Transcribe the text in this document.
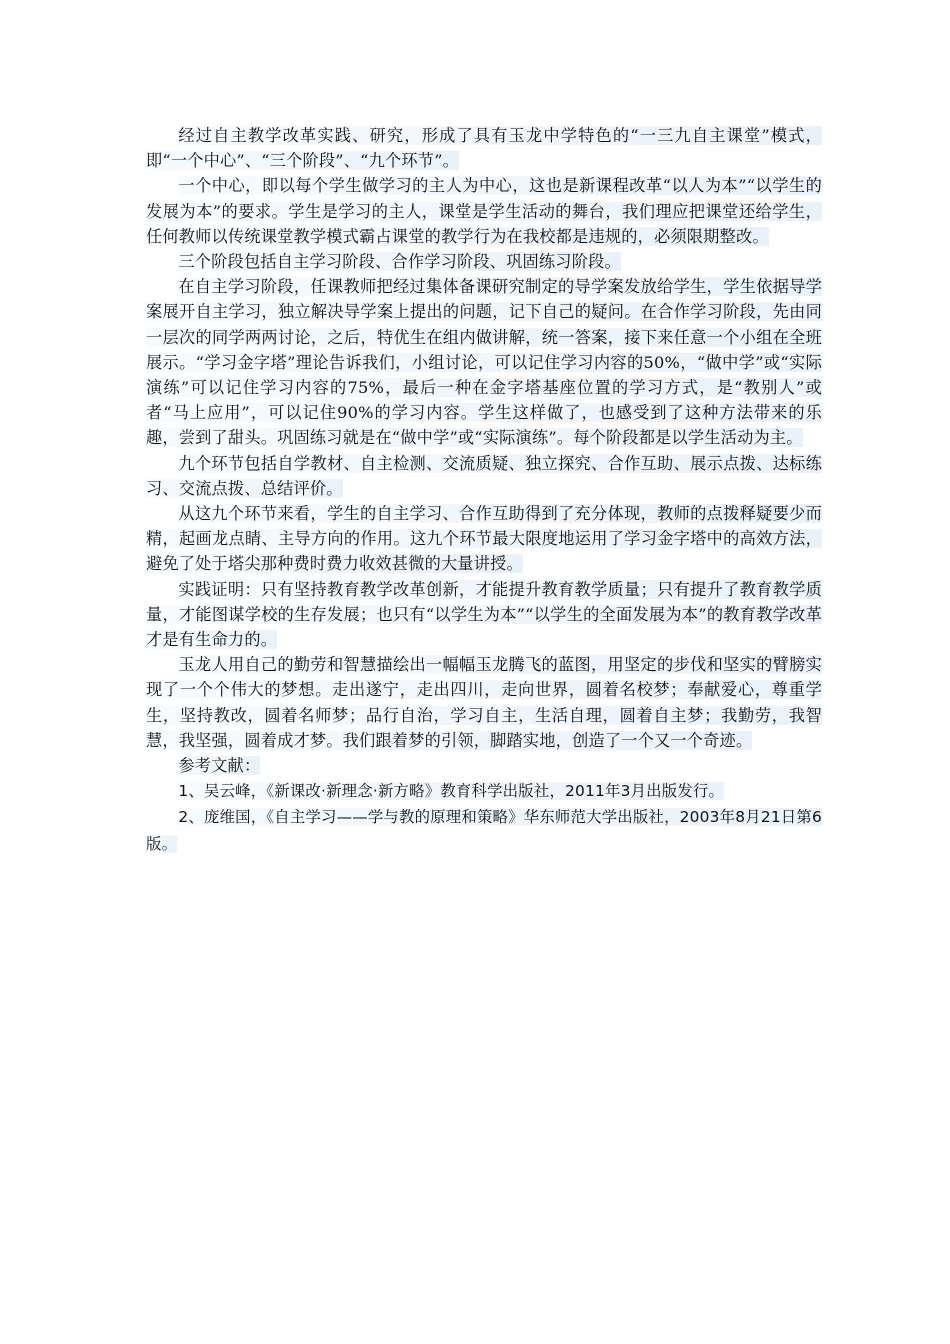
经过自主教学改革实践、研究，形成了具有玉龙中学特色的“一三九自主课堂”模式，即“一个中心”、“三个阶段”、“九个环节”。

一个中心，即以每个学生做学习的主人为中心，这也是新课程改革“以人为本”“以学生的发展为本”的要求。学生是学习的主人，课堂是学生活动的舞台，我们理应把课堂还给学生，任何教师以传统课堂教学模式霸占课堂的教学行为在我校都是违规的，必须限期整改。

三个阶段包括自主学习阶段、合作学习阶段、巩固练习阶段。

在自主学习阶段，任课教师把经过集体备课研究制定的导学案发放给学生，学生依据导学案展开自主学习，独立解决导学案上提出的问题，记下自己的疑问。在合作学习阶段，先由同一层次的同学两两讨论，之后，特优生在组内做讲解，统一答案，接下来任意一个小组在全班展示。“学习金字塔”理论告诉我们，小组讨论，可以记住学习内容的50%，“做中学”或“实际演练”可以记住学习内容的75%，最后一种在金字塔基座位置的学习方式，是“教别人”或者“马上应用”，可以记住90%的学习内容。学生这样做了，也感受到了这种方法带来的乐趣，尝到了甜头。巩固练习就是在“做中学”或“实际演练”。每个阶段都是以学生活动为主。

九个环节包括自学教材、自主检测、交流质疑、独立探究、合作互助、展示点拨、达标练习、交流点拨、总结评价。

从这九个环节来看，学生的自主学习、合作互助得到了充分体现，教师的点拨释疑要少而精，起画龙点睛、主导方向的作用。这九个环节最大限度地运用了学习金字塔中的高效方法，避免了处于塔尖那种费时费力收效甚微的大量讲授。

实践证明：只有坚持教育教学改革创新，才能提升教育教学质量；只有提升了教育教学质量，才能图谋学校的生存发展；也只有“以学生为本”“以学生的全面发展为本”的教育教学改革才是有生命力的。

玉龙人用自己的勤劳和智慧描绘出一幅幅玉龙腾飞的蓝图，用坚定的步伐和坚实的臂膀实现了一个个伟大的梦想。走出遂宁，走出四川，走向世界，圆着名校梦；奉献爱心，尊重学生，坚持教改，圆着名师梦；品行自治，学习自主，生活自理，圆着自主梦；我勤劳，我智慧，我坚强，圆着成才梦。我们跟着梦的引领，脚踏实地，创造了一个又一个奇迹。

参考文献：

1、吴云峰，《新课改·新理念·新方略》教育科学出版社，2011年3月出版发行。

2、庞维国，《自主学习——学与教的原理和策略》华东师范大学出版社，2003年8月21日第6版。
